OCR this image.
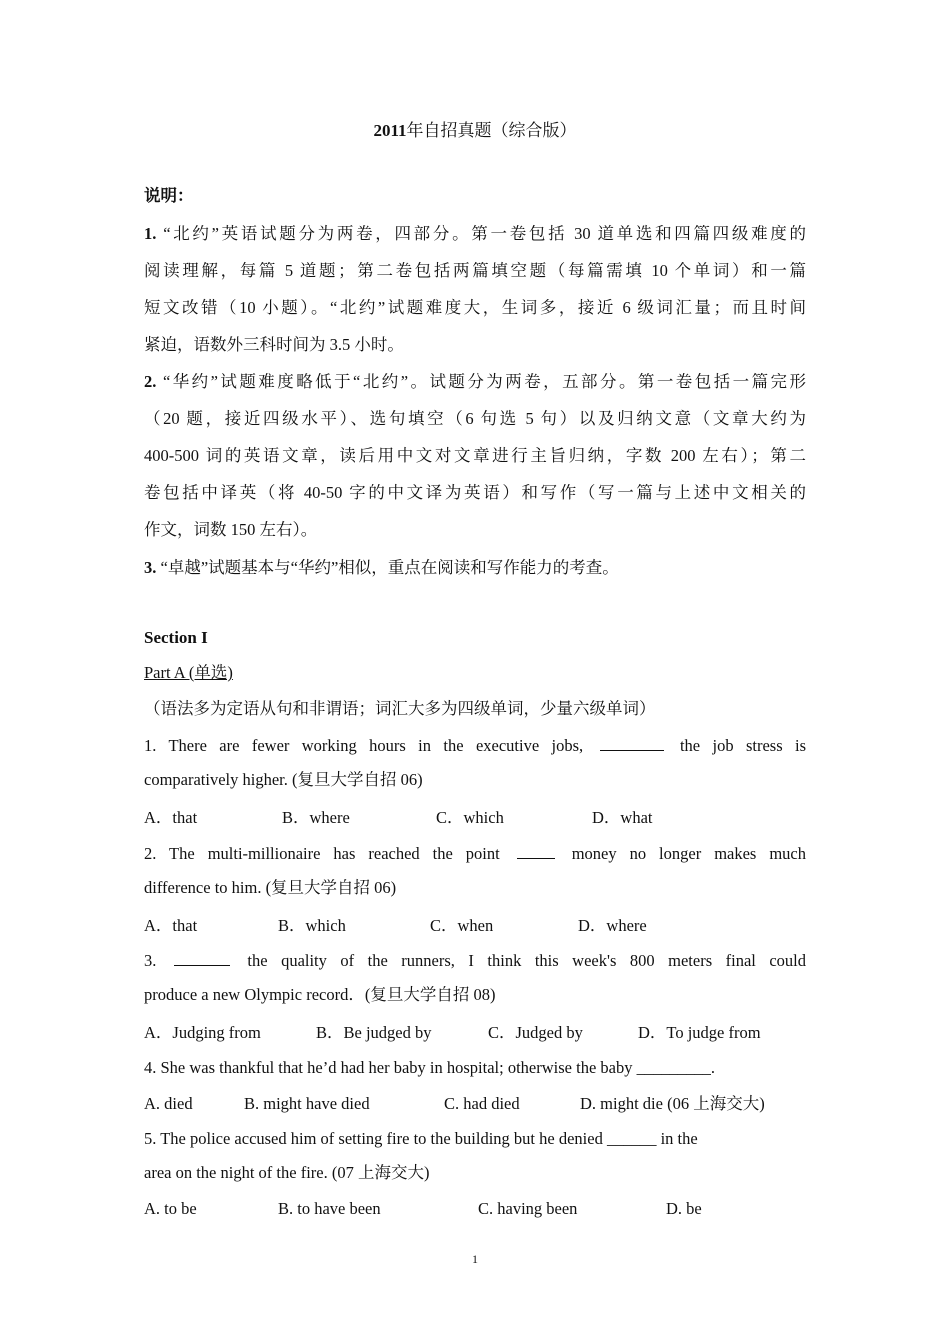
2011年自招真题（综合版）
说明：
1. “北约”英语试题分为两卷，四部分。第一卷包括 30 道单选和四篇四级难度的
阅读理解，每篇 5 道题；第二卷包括两篇填空题（每篇需填 10 个单词）和一篇
短文改错（10 小题）。“北约”试题难度大，生词多，接近 6 级词汇量；而且时间
紧迫，语数外三科时间为 3.5 小时。
2. “华约”试题难度略低于“北约”。试题分为两卷，五部分。第一卷包括一篇完形
（20 题，接近四级水平）、选句填空（6 句选 5 句）以及归纳文意（文章大约为
400-500 词的英语文章，读后用中文对文章进行主旨归纳，字数 200 左右）；第二
卷包括中译英（将 40-50 字的中文译为英语）和写作（写一篇与上述中文相关的
作文，词数 150 左右）。
3. “卓越”试题基本与“华约”相似，重点在阅读和写作能力的考查。
Section I
Part A (单选)
（语法多为定语从句和非谓语；词汇大多为四级单词，少量六级单词）
1. There are fewer working hours in the executive jobs,	the job stress is
comparatively higher. (复旦大学自招 06)
A．that	B．where	C．which	D．what
2. The multi-millionaire has reached the point	money no longer makes much
difference to him. (复旦大学自招 06)
A．that	B．which	C．when	D．where
3.	the quality of the runners, I think this week's 800 meters final could
produce a new Olympic record．(复旦大学自招 08)
A．Judging from	B．Be judged by	C．Judged by	D．To judge from
4. She was thankful that he’d had her baby in hospital; otherwise the baby _________.
A. died	B. might have died	C. had died	D. might die (06 上海交大)
5. The police accused him of setting fire to the building but he denied ______ in the
area on the night of the fire. (07 上海交大)
A. to be	B. to have been	C. having been	D. be
1
